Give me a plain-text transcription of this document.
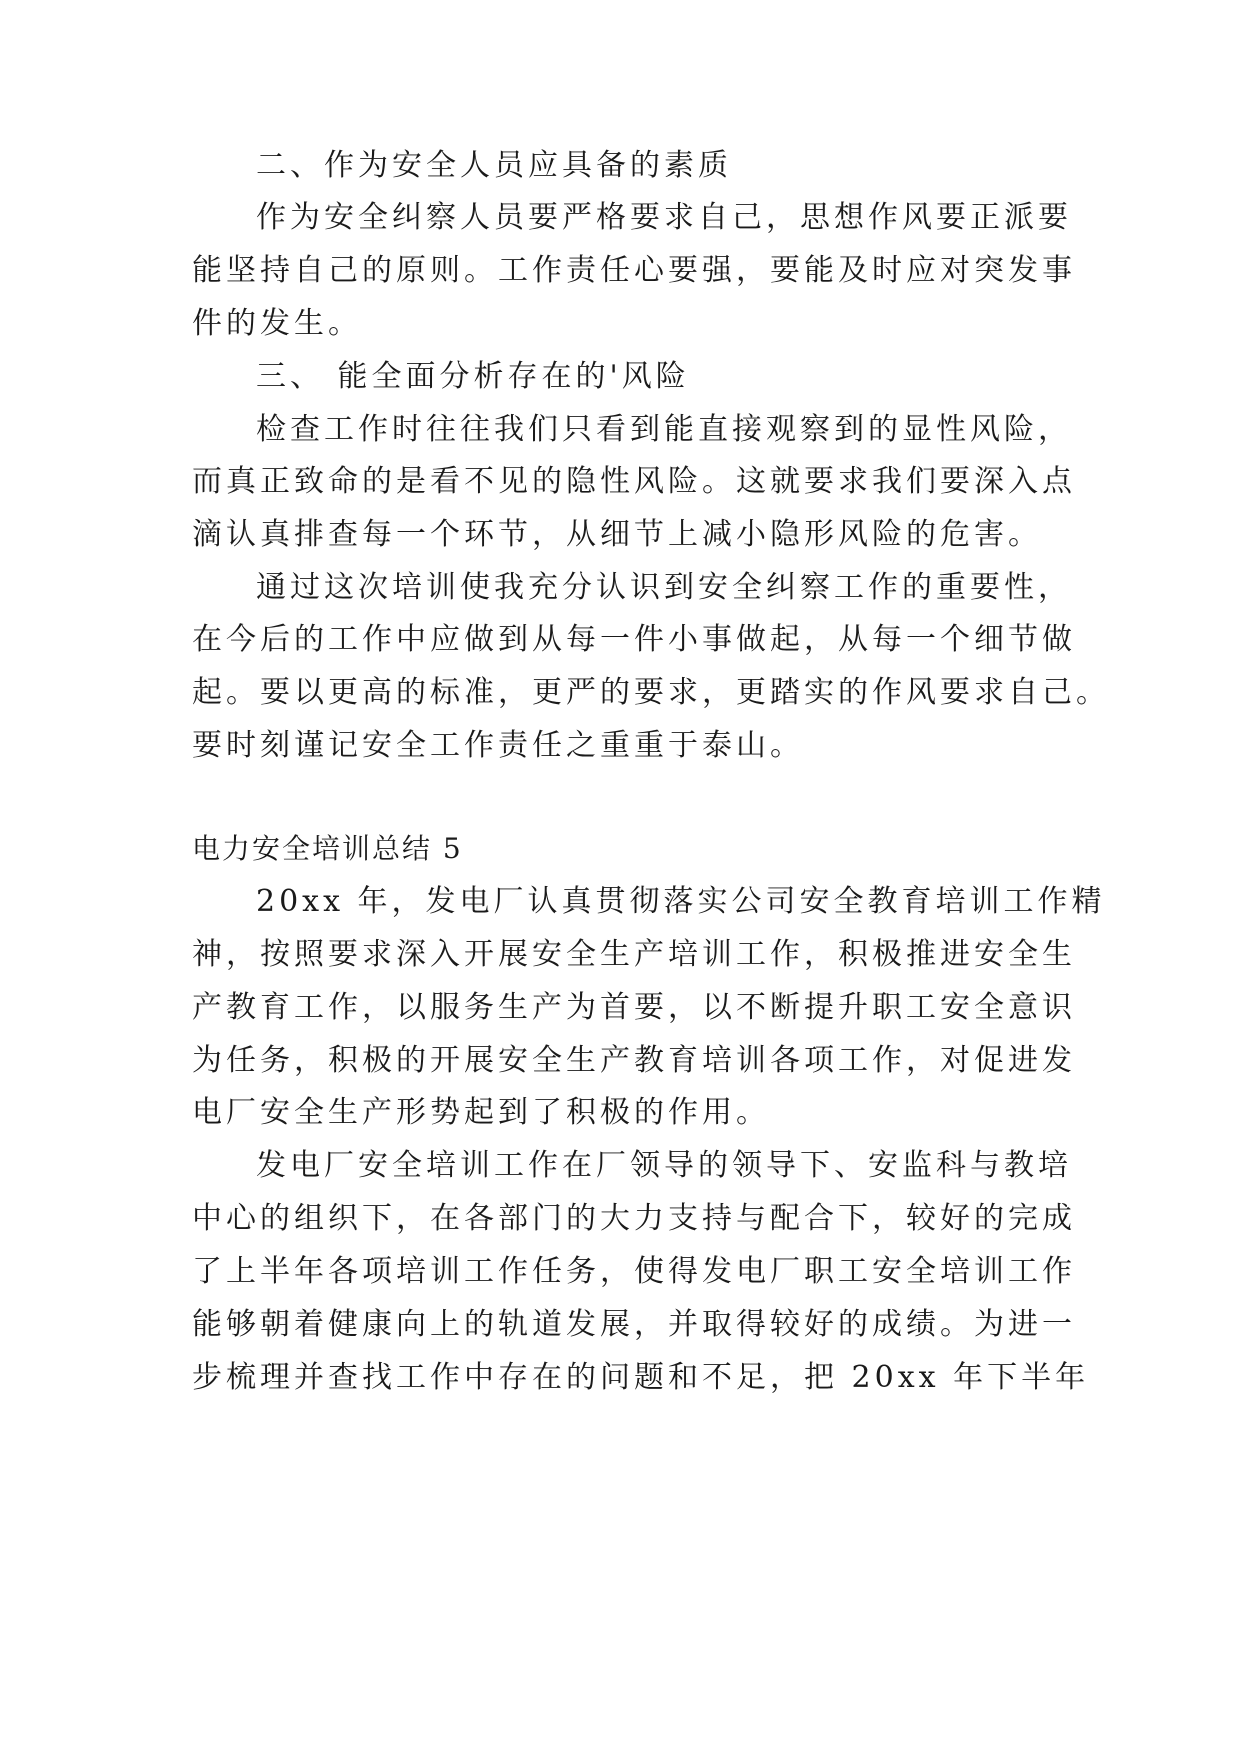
二、作为安全人员应具备的素质
作为安全纠察人员要严格要求自己，思想作风要正派要
能坚持自己的原则。工作责任心要强，要能及时应对突发事
件的发生。
三、 能全面分析存在的'风险
检查工作时往往我们只看到能直接观察到的显性风险，
而真正致命的是看不见的隐性风险。这就要求我们要深入点
滴认真排查每一个环节，从细节上减小隐形风险的危害。
通过这次培训使我充分认识到安全纠察工作的重要性，
在今后的工作中应做到从每一件小事做起，从每一个细节做
起。要以更高的标准，更严的要求，更踏实的作风要求自己。
要时刻谨记安全工作责任之重重于泰山。
电力安全培训总结 5
20xx 年，发电厂认真贯彻落实公司安全教育培训工作精
神，按照要求深入开展安全生产培训工作，积极推进安全生
产教育工作，以服务生产为首要，以不断提升职工安全意识
为任务，积极的开展安全生产教育培训各项工作，对促进发
电厂安全生产形势起到了积极的作用。
发电厂安全培训工作在厂领导的领导下、安监科与教培
中心的组织下，在各部门的大力支持与配合下，较好的完成
了上半年各项培训工作任务，使得发电厂职工安全培训工作
能够朝着健康向上的轨道发展，并取得较好的成绩。为进一
步梳理并查找工作中存在的问题和不足，把 20xx 年下半年
